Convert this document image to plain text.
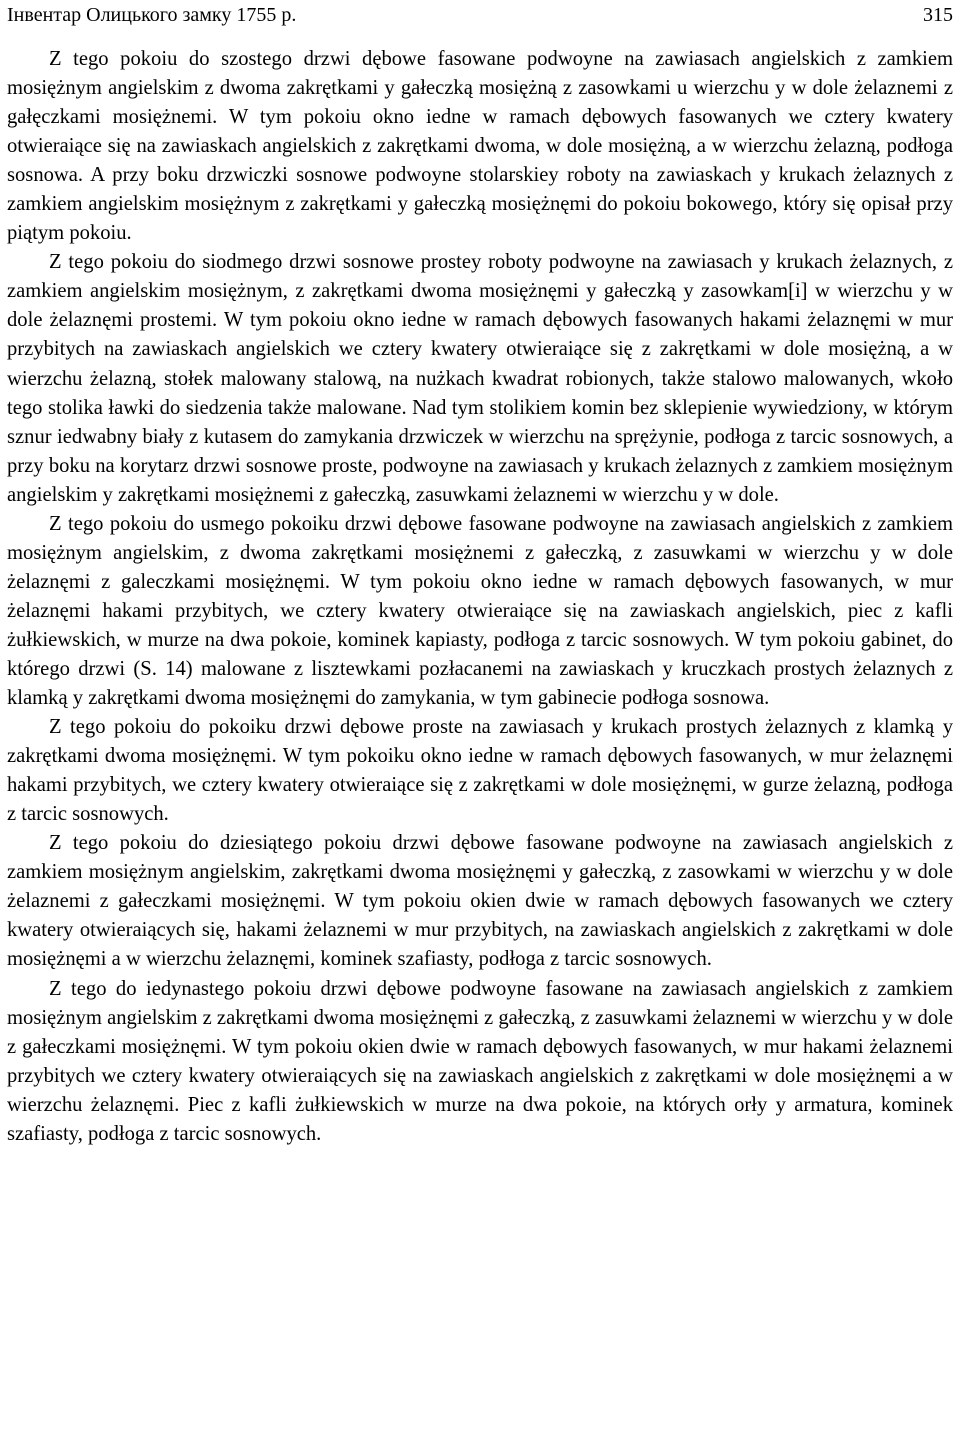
Інвентар Олицького замку 1755 р.	315

Z tego pokoiu do szostego drzwi dębowe fasowane podwoyne na zawiasach angielskich z zamkiem mosiężnym angielskim z dwoma zakrętkami y gałeczką mosiężną z zasowkami u wierzchu y w dole żelaznemi z gałęczkami mosiężnemi. W tym pokoiu okno iedne w ramach dębowych fasowanych we cztery kwatery otwieraiące się na zawiaskach angielskich z zakrętkami dwoma, w dole mosiężną, a w wierzchu żelazną, podłoga sosnowa. A przy boku drzwiczki sosnowe podwoyne stolarskiey roboty na zawiaskach y krukach żelaznych z zamkiem angielskim mosiężnym z zakrętkami y gałeczką mosiężnęmi do pokoiu bokowego, który się opisał przy piątym pokoiu.

Z tego pokoiu do siodmego drzwi sosnowe prostey roboty podwoyne na zawiasach y krukach żelaznych, z zamkiem angielskim mosiężnym, z zakrętkami dwoma mosiężnęmi y gałeczką y zasowkam[i] w wierzchu y w dole żelaznęmi prostemi. W tym pokoiu okno iedne w ramach dębowych fasowanych hakami żelaznęmi w mur przybitych na zawiaskach angielskich we cztery kwatery otwieraiące się z zakrętkami w dole mosiężną, a w wierzchu żelazną, stołek malowany stalową, na nużkach kwadrat robionych, także stalowo malowanych, wkoło tego stolika ławki do siedzenia także malowane. Nad tym stolikiem komin bez sklepienie wywiedziony, w którym sznur iedwabny biały z kutasem do zamykania drzwiczek w wierzchu na sprężynie, podłoga z tarcic sosnowych, a przy boku na korytarz drzwi sosnowe proste, podwoyne na zawiasach y krukach żelaznych z zamkiem mosiężnym angielskim y zakrętkami mosiężnemi z gałeczką, zasuwkami żelaznemi w wierzchu y w dole.

Z tego pokoiu do usmego pokoiku drzwi dębowe fasowane podwoyne na zawiasach angielskich z zamkiem mosiężnym angielskim, z dwoma zakrętkami mosiężnemi z gałeczką, z zasuwkami w wierzchu y w dole żelaznęmi z galeczkami mosiężnęmi. W tym pokoiu okno iedne w ramach dębowych fasowanych, w mur żelaznęmi hakami przybitych, we cztery kwatery otwieraiące się na zawiaskach angielskich, piec z kafli żułkiewskich, w murze na dwa pokoie, kominek kapiasty, podłoga z tarcic sosnowych. W tym pokoiu gabinet, do którego drzwi (S. 14) malowane z lisztewkami pozłacanemi na zawiaskach y kruczkach prostych żelaznych z klamką y zakrętkami dwoma mosiężnęmi do zamykania, w tym gabinecie podłoga sosnowa.

Z tego pokoiu do pokoiku drzwi dębowe proste na zawiasach y krukach prostych żelaznych z klamką y zakrętkami dwoma mosiężnęmi. W tym pokoiku okno iedne w ramach dębowych fasowanych, w mur żelaznęmi hakami przybitych, we cztery kwatery otwieraiące się z zakrętkami w dole mosiężnęmi, w gurze żelazną, podłoga z tarcic sosnowych.

Z tego pokoiu do dziesiątego pokoiu drzwi dębowe fasowane podwoyne na zawiasach angielskich z zamkiem mosiężnym angielskim, zakrętkami dwoma mosiężnęmi y gałeczką, z zasowkami w wierzchu y w dole żelaznemi z gałeczkami mosiężnęmi. W tym pokoiu okien dwie w ramach dębowych fasowanych we cztery kwatery otwieraiących się, hakami żelaznemi w mur przybitych, na zawiaskach angielskich z zakrętkami w dole mosiężnęmi a w wierzchu żelaznęmi, kominek szafiasty, podłoga z tarcic sosnowych.

Z tego do iedynastego pokoiu drzwi dębowe podwoyne fasowane na zawiasach angielskich z zamkiem mosiężnym angielskim z zakrętkami dwoma mosiężnęmi z gałeczką, z zasuwkami żelaznemi w wierzchu y w dole z gałeczkami mosiężnęmi. W tym pokoiu okien dwie w ramach dębowych fasowanych, w mur hakami żelaznemi przybitych we cztery kwatery otwieraiących się na zawiaskach angielskich z zakrętkami w dole mosiężnęmi a w wierzchu żelaznęmi. Piec z kafli żułkiewskich w murze na dwa pokoie, na których orły y armatura, kominek szafiasty, podłoga z tarcic sosnowych.
